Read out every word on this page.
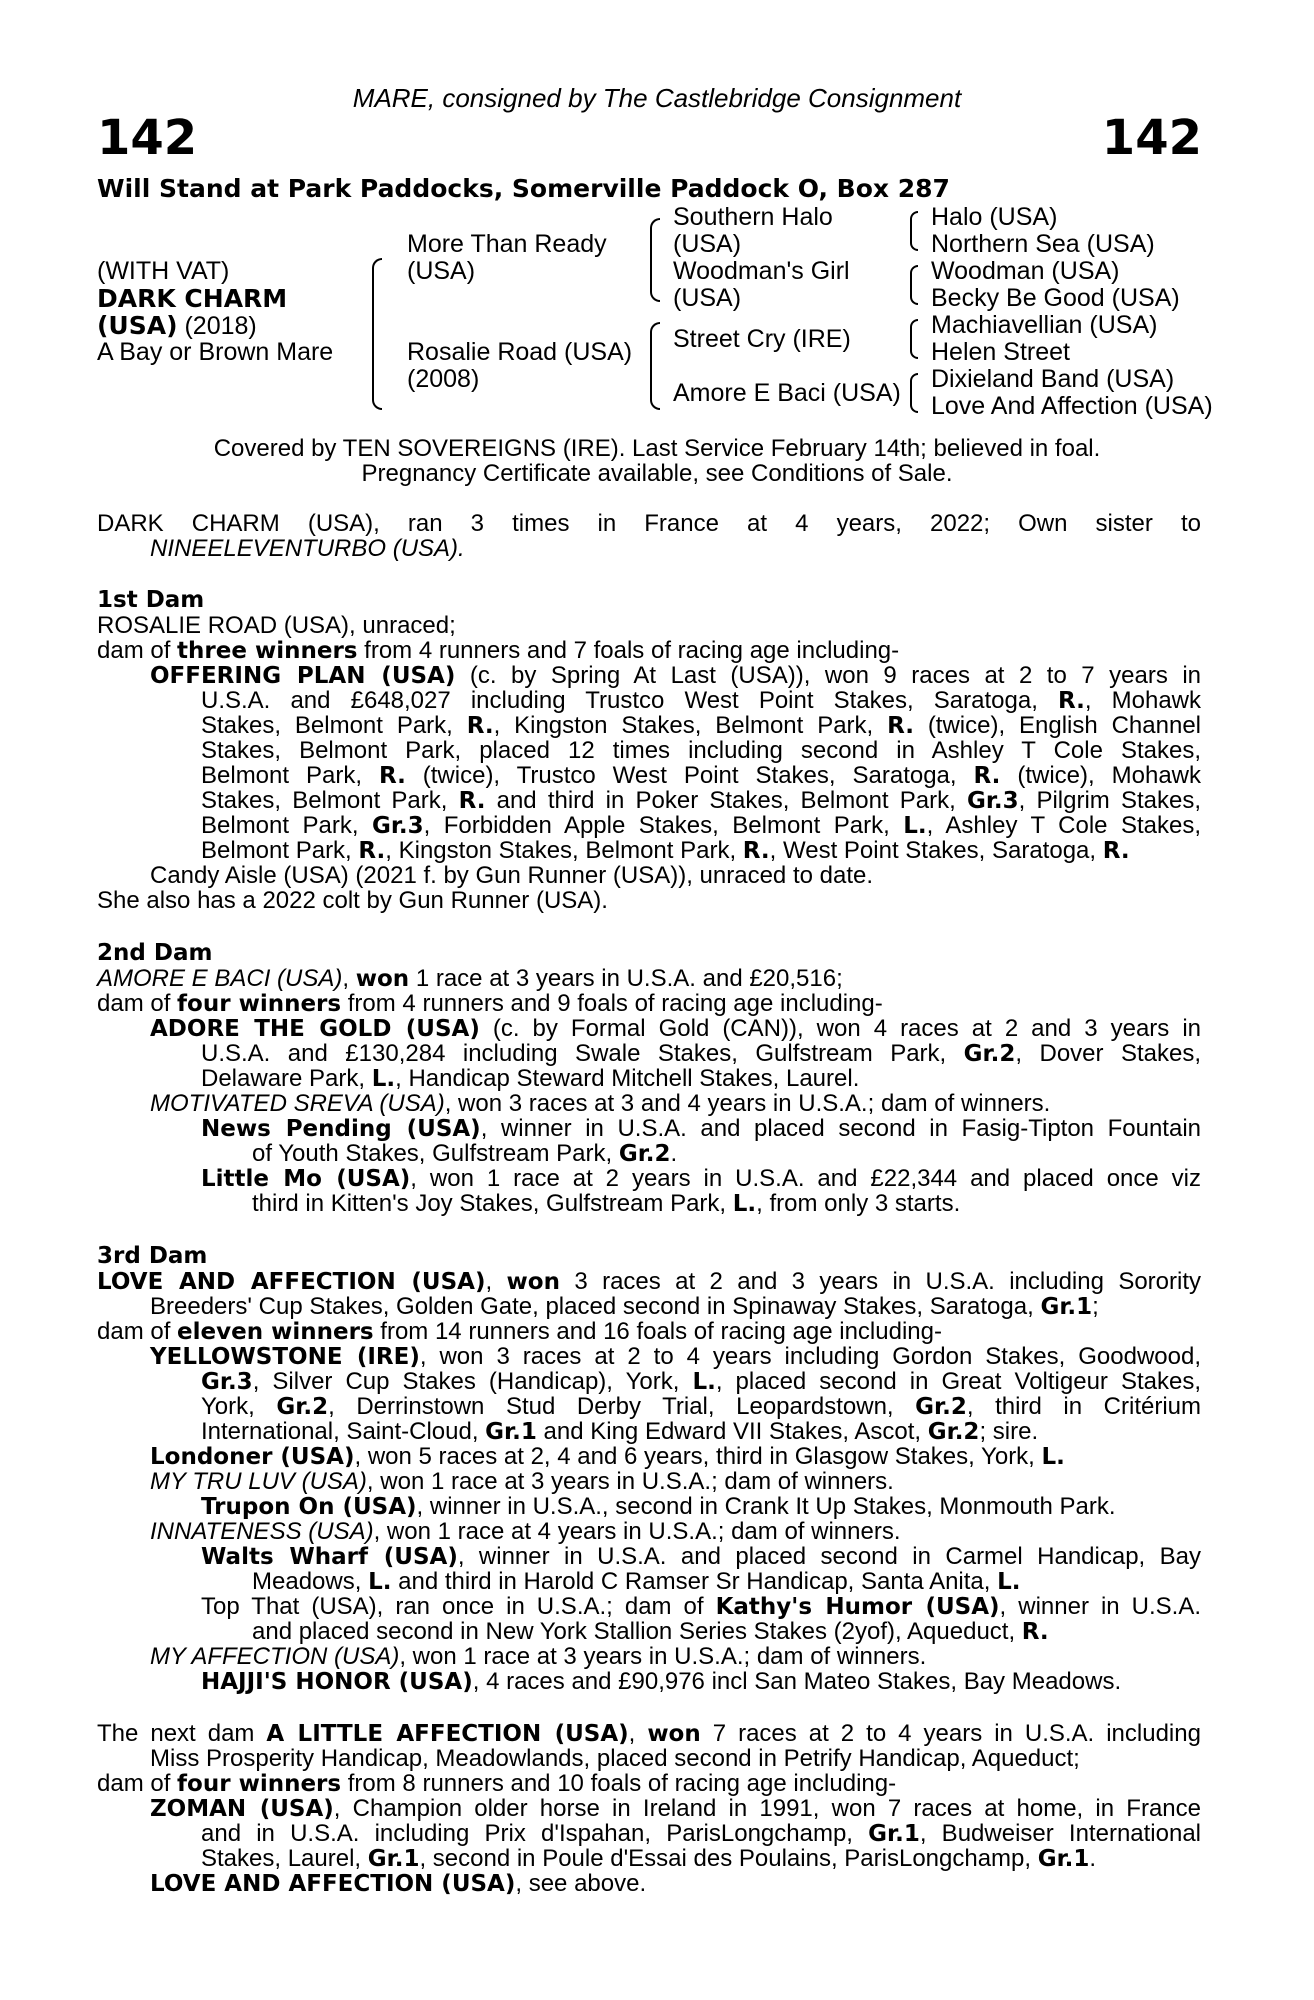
MARE, consigned by The Castlebridge Consignment
142	142
Will Stand at Park Paddocks, Somerville Paddock O, Box 287
(WITH VAT)
DARK CHARM
(USA) (2018)
A Bay or Brown Mare
More Than Ready
(USA)
Rosalie Road (USA)
(2008)
Southern Halo
(USA)
Woodman's Girl
(USA)
Street Cry (IRE)
Amore E Baci (USA)
Halo (USA)
Northern Sea (USA)
Woodman (USA)
Becky Be Good (USA)
Machiavellian (USA)
Helen Street
Dixieland Band (USA)
Love And Affection (USA)
Covered by TEN SOVEREIGNS (IRE). Last Service February 14th; believed in foal.
Pregnancy Certificate available, see Conditions of Sale.
DARK CHARM (USA), ran 3 times in France at 4 years, 2022; Own sister to
NINEELEVENTURBO (USA).
1st Dam
ROSALIE ROAD (USA), unraced;
dam of three winners from 4 runners and 7 foals of racing age including-
OFFERING PLAN (USA) (c. by Spring At Last (USA)), won 9 races at 2 to 7 years in
U.S.A. and £648,027 including Trustco West Point Stakes, Saratoga, R., Mohawk
Stakes, Belmont Park, R., Kingston Stakes, Belmont Park, R. (twice), English Channel
Stakes, Belmont Park, placed 12 times including second in Ashley T Cole Stakes,
Belmont Park, R. (twice), Trustco West Point Stakes, Saratoga, R. (twice), Mohawk
Stakes, Belmont Park, R. and third in Poker Stakes, Belmont Park, Gr.3, Pilgrim Stakes,
Belmont Park, Gr.3, Forbidden Apple Stakes, Belmont Park, L., Ashley T Cole Stakes,
Belmont Park, R., Kingston Stakes, Belmont Park, R., West Point Stakes, Saratoga, R.
Candy Aisle (USA) (2021 f. by Gun Runner (USA)), unraced to date.
She also has a 2022 colt by Gun Runner (USA).
2nd Dam
AMORE E BACI (USA), won 1 race at 3 years in U.S.A. and £20,516;
dam of four winners from 4 runners and 9 foals of racing age including-
ADORE THE GOLD (USA) (c. by Formal Gold (CAN)), won 4 races at 2 and 3 years in
U.S.A. and £130,284 including Swale Stakes, Gulfstream Park, Gr.2, Dover Stakes,
Delaware Park, L., Handicap Steward Mitchell Stakes, Laurel.
MOTIVATED SREVA (USA), won 3 races at 3 and 4 years in U.S.A.; dam of winners.
News Pending (USA), winner in U.S.A. and placed second in Fasig-Tipton Fountain
of Youth Stakes, Gulfstream Park, Gr.2.
Little Mo (USA), won 1 race at 2 years in U.S.A. and £22,344 and placed once viz
third in Kitten's Joy Stakes, Gulfstream Park, L., from only 3 starts.
3rd Dam
LOVE AND AFFECTION (USA), won 3 races at 2 and 3 years in U.S.A. including Sorority
Breeders' Cup Stakes, Golden Gate, placed second in Spinaway Stakes, Saratoga, Gr.1;
dam of eleven winners from 14 runners and 16 foals of racing age including-
YELLOWSTONE (IRE), won 3 races at 2 to 4 years including Gordon Stakes, Goodwood,
Gr.3, Silver Cup Stakes (Handicap), York, L., placed second in Great Voltigeur Stakes,
York, Gr.2, Derrinstown Stud Derby Trial, Leopardstown, Gr.2, third in Critérium
International, Saint-Cloud, Gr.1 and King Edward VII Stakes, Ascot, Gr.2; sire.
Londoner (USA), won 5 races at 2, 4 and 6 years, third in Glasgow Stakes, York, L.
MY TRU LUV (USA), won 1 race at 3 years in U.S.A.; dam of winners.
Trupon On (USA), winner in U.S.A., second in Crank It Up Stakes, Monmouth Park.
INNATENESS (USA), won 1 race at 4 years in U.S.A.; dam of winners.
Walts Wharf (USA), winner in U.S.A. and placed second in Carmel Handicap, Bay
Meadows, L. and third in Harold C Ramser Sr Handicap, Santa Anita, L.
Top That (USA), ran once in U.S.A.; dam of Kathy's Humor (USA), winner in U.S.A.
and placed second in New York Stallion Series Stakes (2yof), Aqueduct, R.
MY AFFECTION (USA), won 1 race at 3 years in U.S.A.; dam of winners.
HAJJI'S HONOR (USA), 4 races and £90,976 incl San Mateo Stakes, Bay Meadows.
The next dam A LITTLE AFFECTION (USA), won 7 races at 2 to 4 years in U.S.A. including
Miss Prosperity Handicap, Meadowlands, placed second in Petrify Handicap, Aqueduct;
dam of four winners from 8 runners and 10 foals of racing age including-
ZOMAN (USA), Champion older horse in Ireland in 1991, won 7 races at home, in France
and in U.S.A. including Prix d'Ispahan, ParisLongchamp, Gr.1, Budweiser International
Stakes, Laurel, Gr.1, second in Poule d'Essai des Poulains, ParisLongchamp, Gr.1.
LOVE AND AFFECTION (USA), see above.
